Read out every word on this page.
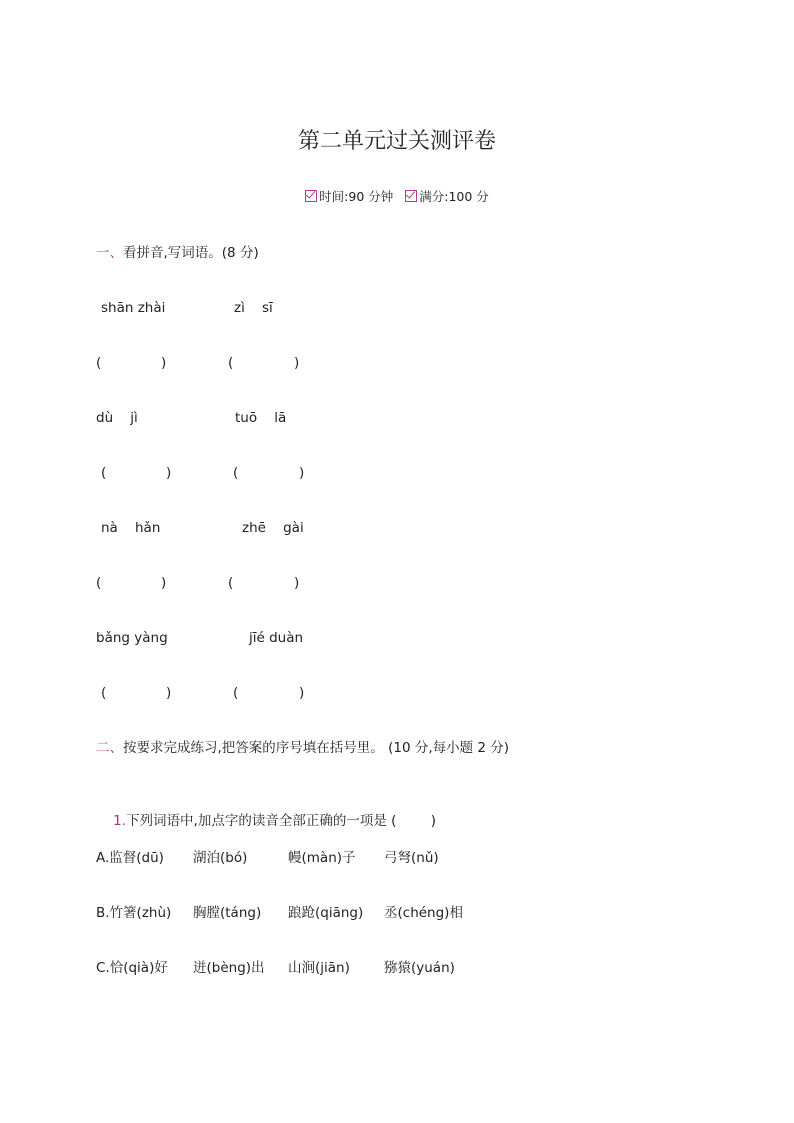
第二单元过关测评卷
时间:90 分钟 满分:100 分
一、看拼音,写词语。(8 分)
shān zhài	zì    sī
(	)	(	)
dù    jì	tuō    lā
(	)	(	)
nà    hǎn	zhē    gài
(	)	(	)
bǎng yàng	jīé duàn
(	)	(	)
二、按要求完成练习,把答案的序号填在括号里。 (10 分,每小题 2 分)

1.下列词语中,加点字的读音全部正确的一项是 (        )

A.监督(dū) 湖泊(bó)	幔(màn)子 弓弩(nǔ)
B.竹箸(zhù) 胸膛(táng) 踉跄(qiāng) 丞(chéng)相
C.恰(qià)好 迸(bèng)出 山涧(jiān)	猕猿(yuán)
